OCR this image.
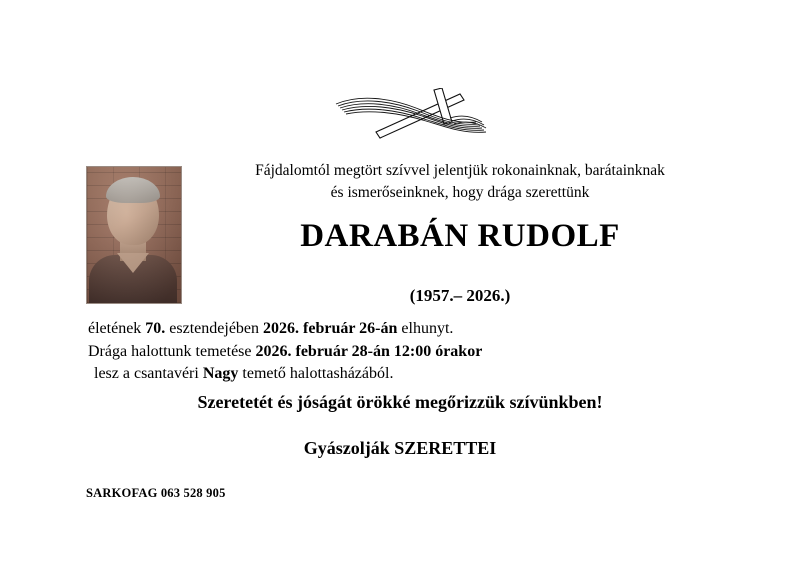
Fájdalomtól megtört szívvel jelentjük rokonainknak, barátainknak
és ismerőseinknek, hogy drága szerettünk
DARABÁN RUDOLF
(1957.– 2026.)
életének 70. esztendejében 2026. február 26-án elhunyt.
Drága halottunk temetése 2026. február 28-án 12:00 órakor
lesz a csantavéri Nagy temető halottasházából.
Szeretetét és jóságát örökké megőrizzük szívünkben!
Gyászolják SZERETTEI
SARKOFAG 063 528 905
